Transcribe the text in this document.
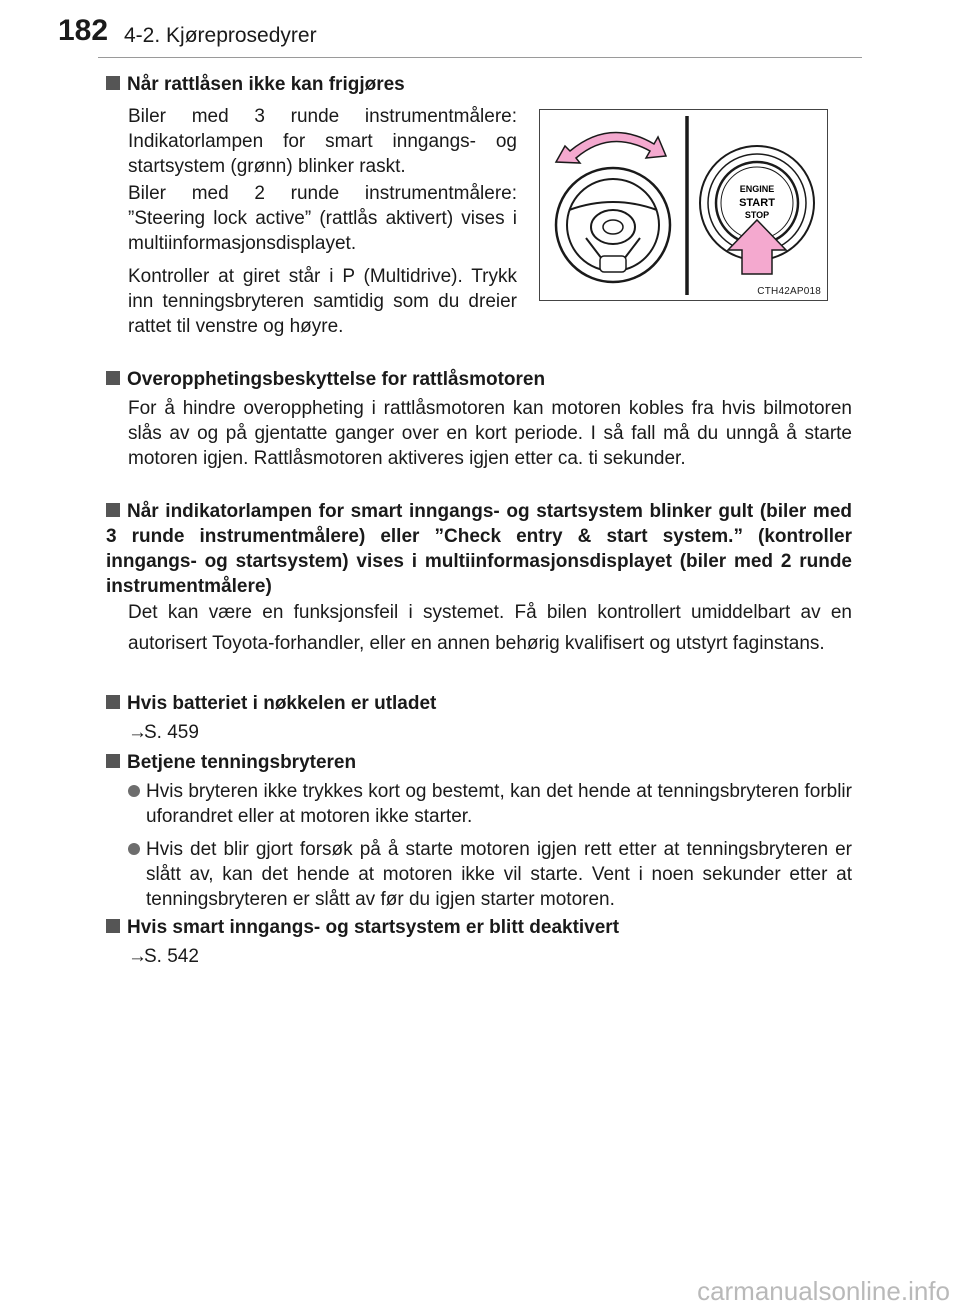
182 4-2. Kjøreprosedyrer
Når rattlåsen ikke kan frigjøres
Biler med 3 runde instrumentmålere: Indikatorlampen for smart inngangs- og startsystem (grønn) blinker raskt.
Biler med 2 runde instrumentmålere: ”Steering lock active” (rattlås aktivert) vises i multiinformasjonsdisplayet.
Kontroller at giret står i P (Multidrive). Trykk inn tenningsbryteren samtidig som du dreier rattet til venstre og høyre.
ENGINE
START
STOP
CTH42AP018
Overopphetingsbeskyttelse for rattlåsmotoren
For å hindre overoppheting i rattlåsmotoren kan motoren kobles fra hvis bilmotoren slås av og på gjentatte ganger over en kort periode. I så fall må du unngå å starte motoren igjen. Rattlåsmotoren aktiveres igjen etter ca. ti sekunder.
Når indikatorlampen for smart inngangs- og startsystem blinker gult (biler med 3 runde instrumentmålere) eller ”Check entry & start system.” (kontroller inngangs- og startsystem) vises i multiinformasjonsdisplayet (biler med 2 runde instrumentmålere)
Det kan være en funksjonsfeil i systemet. Få bilen kontrollert umiddelbart av en autorisert Toyota-forhandler, eller en annen behørig kvalifisert og utstyrt faginstans.
Hvis batteriet i nøkkelen er utladet
→S. 459
Betjene tenningsbryteren
Hvis bryteren ikke trykkes kort og bestemt, kan det hende at tenningsbryteren forblir uforandret eller at motoren ikke starter.
Hvis det blir gjort forsøk på å starte motoren igjen rett etter at tenningsbryteren er slått av, kan det hende at motoren ikke vil starte. Vent i noen sekunder etter at tenningsbryteren er slått av før du igjen starter motoren.
Hvis smart inngangs- og startsystem er blitt deaktivert
→S. 542
carmanualsonline.info
